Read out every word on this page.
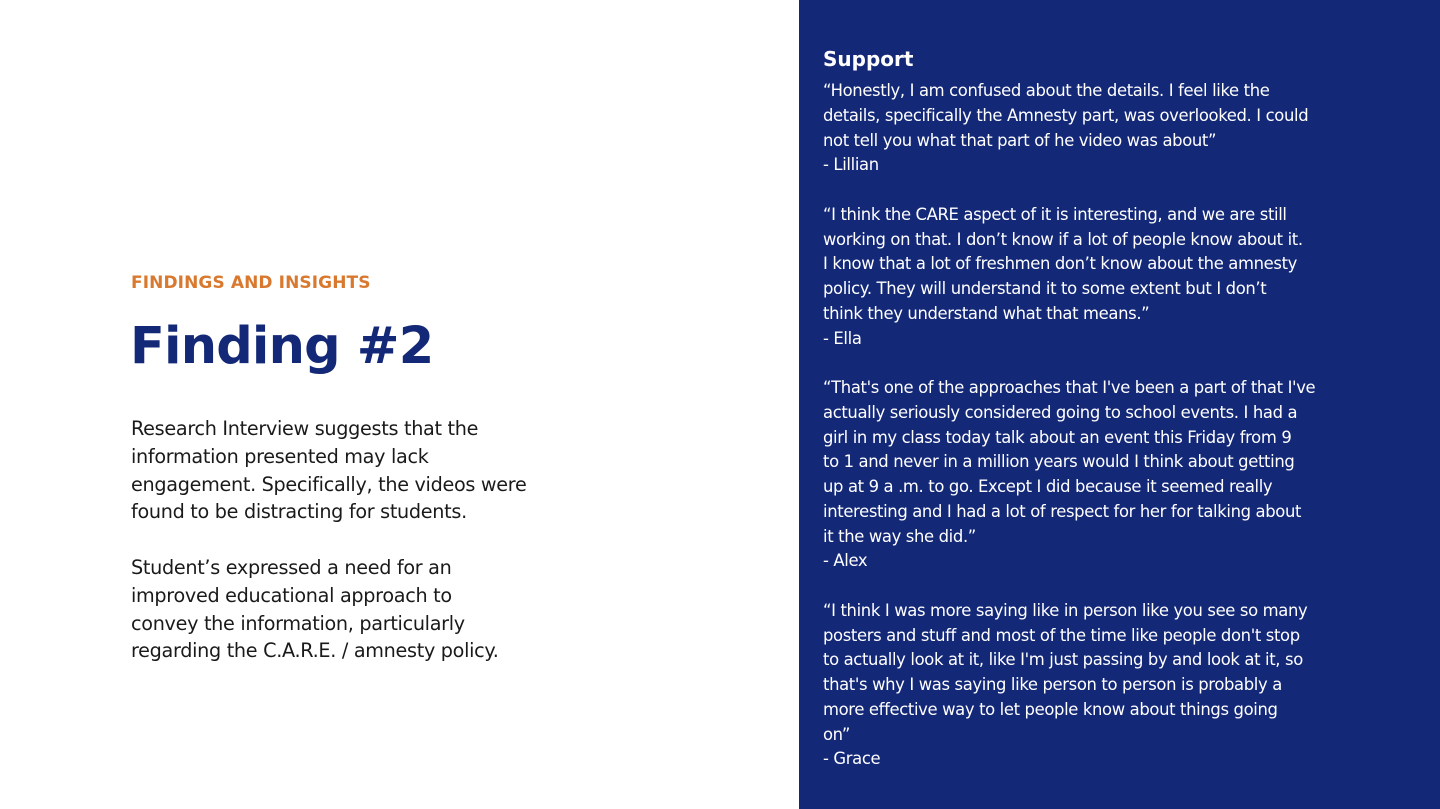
FINDINGS AND INSIGHTS
Finding #2

Research Interview suggests that the
information presented may lack
engagement. Specifically, the videos were
found to be distracting for students.

Student’s expressed a need for an
improved educational approach to
convey the information, particularly
regarding the C.A.R.E. / amnesty policy.

Support
“Honestly, I am confused about the details. I feel like the
details, specifically the Amnesty part, was overlooked. I could
not tell you what that part of he video was about”
- Lillian
“I think the CARE aspect of it is interesting, and we are still
working on that. I don’t know if a lot of people know about it.
I know that a lot of freshmen don’t know about the amnesty
policy. They will understand it to some extent but I don’t
think they understand what that means.”
- Ella
“That's one of the approaches that I've been a part of that I've
actually seriously considered going to school events. I had a
girl in my class today talk about an event this Friday from 9
to 1 and never in a million years would I think about getting
up at 9 a .m. to go. Except I did because it seemed really
interesting and I had a lot of respect for her for talking about
it the way she did.”
- Alex
“I think I was more saying like in person like you see so many
posters and stuff and most of the time like people don't stop
to actually look at it, like I'm just passing by and look at it, so
that's why I was saying like person to person is probably a
more effective way to let people know about things going
on”
- Grace
